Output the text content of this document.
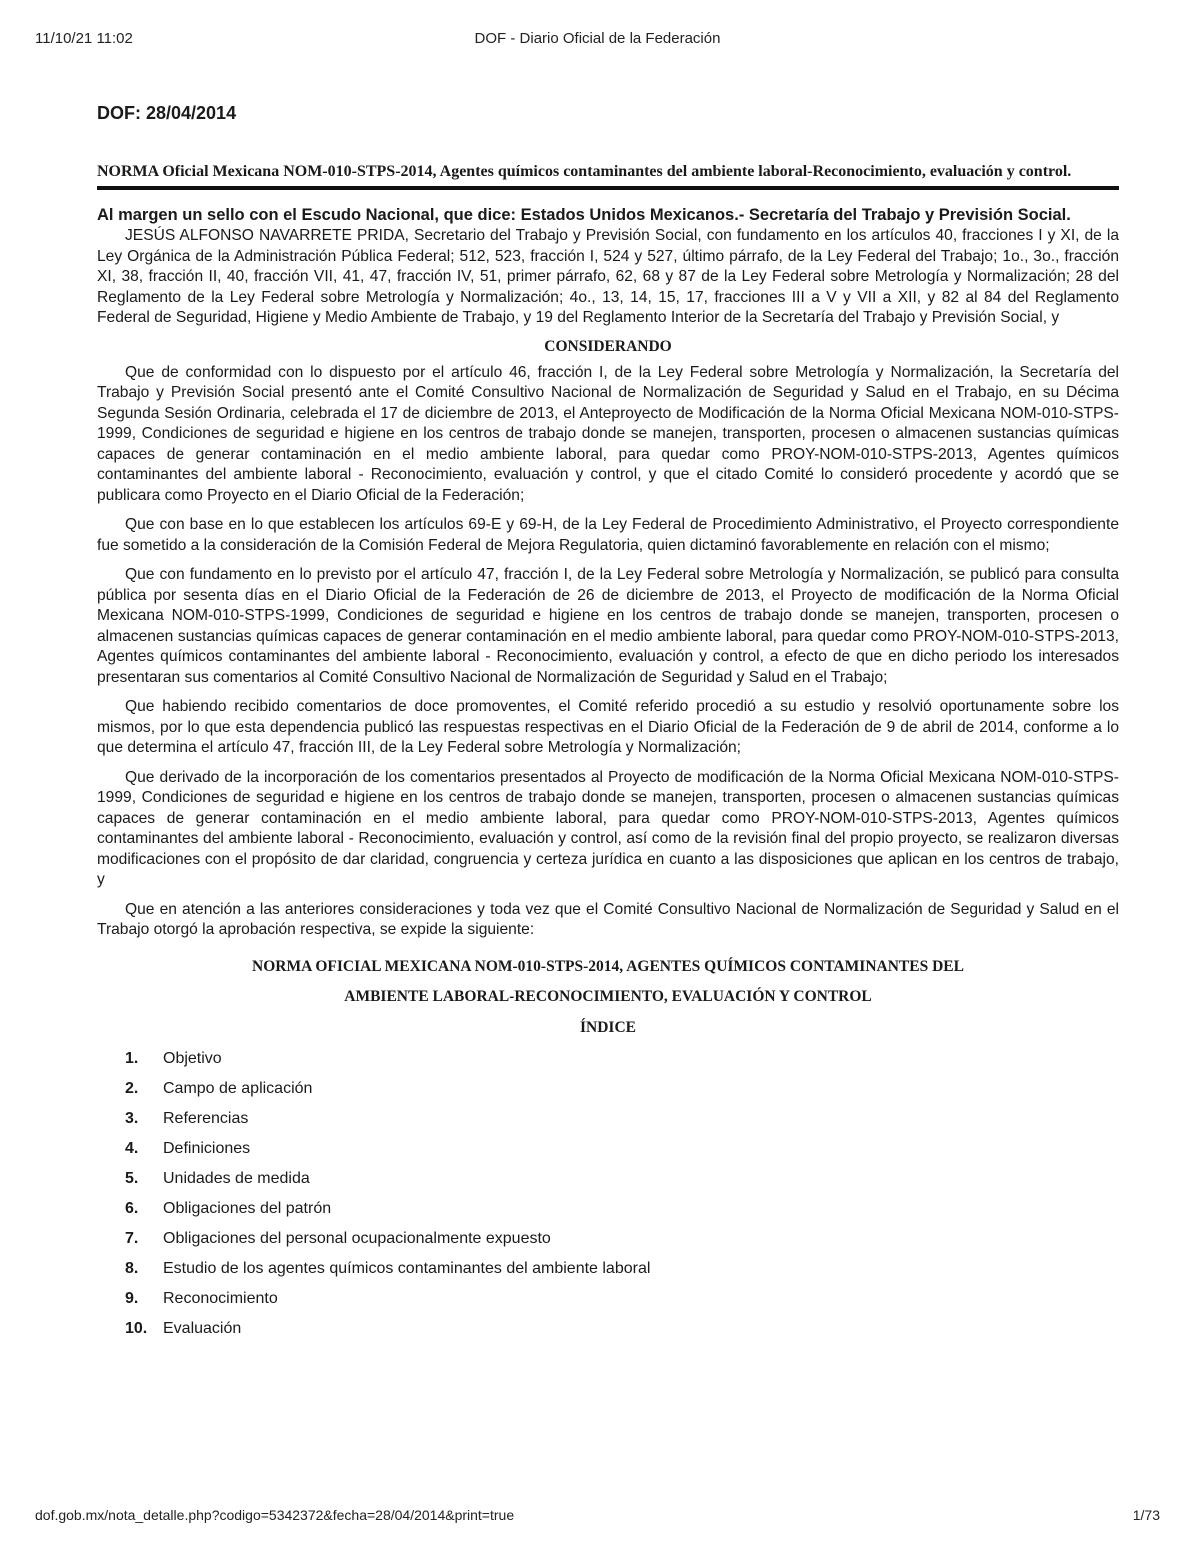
11/10/21 11:02	DOF - Diario Oficial de la Federación
DOF: 28/04/2014
NORMA Oficial Mexicana NOM-010-STPS-2014, Agentes químicos contaminantes del ambiente laboral-Reconocimiento, evaluación y control.
Al margen un sello con el Escudo Nacional, que dice: Estados Unidos Mexicanos.- Secretaría del Trabajo y Previsión Social.

JESÚS ALFONSO NAVARRETE PRIDA, Secretario del Trabajo y Previsión Social, con fundamento en los artículos 40, fracciones I y XI, de la Ley Orgánica de la Administración Pública Federal; 512, 523, fracción I, 524 y 527, último párrafo, de la Ley Federal del Trabajo; 1o., 3o., fracción XI, 38, fracción II, 40, fracción VII, 41, 47, fracción IV, 51, primer párrafo, 62, 68 y 87 de la Ley Federal sobre Metrología y Normalización; 28 del Reglamento de la Ley Federal sobre Metrología y Normalización; 4o., 13, 14, 15, 17, fracciones III a V y VII a XII, y 82 al 84 del Reglamento Federal de Seguridad, Higiene y Medio Ambiente de Trabajo, y 19 del Reglamento Interior de la Secretaría del Trabajo y Previsión Social, y

CONSIDERANDO

Que de conformidad con lo dispuesto por el artículo 46, fracción I, de la Ley Federal sobre Metrología y Normalización, la Secretaría del Trabajo y Previsión Social presentó ante el Comité Consultivo Nacional de Normalización de Seguridad y Salud en el Trabajo, en su Décima Segunda Sesión Ordinaria, celebrada el 17 de diciembre de 2013, el Anteproyecto de Modificación de la Norma Oficial Mexicana NOM-010-STPS-1999, Condiciones de seguridad e higiene en los centros de trabajo donde se manejen, transporten, procesen o almacenen sustancias químicas capaces de generar contaminación en el medio ambiente laboral, para quedar como PROY-NOM-010-STPS-2013, Agentes químicos contaminantes del ambiente laboral - Reconocimiento, evaluación y control, y que el citado Comité lo consideró procedente y acordó que se publicara como Proyecto en el Diario Oficial de la Federación;

Que con base en lo que establecen los artículos 69-E y 69-H, de la Ley Federal de Procedimiento Administrativo, el Proyecto correspondiente fue sometido a la consideración de la Comisión Federal de Mejora Regulatoria, quien dictaminó favorablemente en relación con el mismo;

Que con fundamento en lo previsto por el artículo 47, fracción I, de la Ley Federal sobre Metrología y Normalización, se publicó para consulta pública por sesenta días en el Diario Oficial de la Federación de 26 de diciembre de 2013, el Proyecto de modificación de la Norma Oficial Mexicana NOM-010-STPS-1999, Condiciones de seguridad e higiene en los centros de trabajo donde se manejen, transporten, procesen o almacenen sustancias químicas capaces de generar contaminación en el medio ambiente laboral, para quedar como PROY-NOM-010-STPS-2013, Agentes químicos contaminantes del ambiente laboral - Reconocimiento, evaluación y control, a efecto de que en dicho periodo los interesados presentaran sus comentarios al Comité Consultivo Nacional de Normalización de Seguridad y Salud en el Trabajo;

Que habiendo recibido comentarios de doce promoventes, el Comité referido procedió a su estudio y resolvió oportunamente sobre los mismos, por lo que esta dependencia publicó las respuestas respectivas en el Diario Oficial de la Federación de 9 de abril de 2014, conforme a lo que determina el artículo 47, fracción III, de la Ley Federal sobre Metrología y Normalización;

Que derivado de la incorporación de los comentarios presentados al Proyecto de modificación de la Norma Oficial Mexicana NOM-010-STPS-1999, Condiciones de seguridad e higiene en los centros de trabajo donde se manejen, transporten, procesen o almacenen sustancias químicas capaces de generar contaminación en el medio ambiente laboral, para quedar como PROY-NOM-010-STPS-2013, Agentes químicos contaminantes del ambiente laboral - Reconocimiento, evaluación y control, así como de la revisión final del propio proyecto, se realizaron diversas modificaciones con el propósito de dar claridad, congruencia y certeza jurídica en cuanto a las disposiciones que aplican en los centros de trabajo, y

Que en atención a las anteriores consideraciones y toda vez que el Comité Consultivo Nacional de Normalización de Seguridad y Salud en el Trabajo otorgó la aprobación respectiva, se expide la siguiente:

NORMA OFICIAL MEXICANA NOM-010-STPS-2014, AGENTES QUÍMICOS CONTAMINANTES DEL
AMBIENTE LABORAL-RECONOCIMIENTO, EVALUACIÓN Y CONTROL
ÍNDICE
1.	Objetivo
2.	Campo de aplicación
3.	Referencias
4.	Definiciones
5.	Unidades de medida
6.	Obligaciones del patrón
7.	Obligaciones del personal ocupacionalmente expuesto
8.	Estudio de los agentes químicos contaminantes del ambiente laboral
9.	Reconocimiento
10. Evaluación
dof.gob.mx/nota_detalle.php?codigo=5342372&fecha=28/04/2014&print=true	1/73
